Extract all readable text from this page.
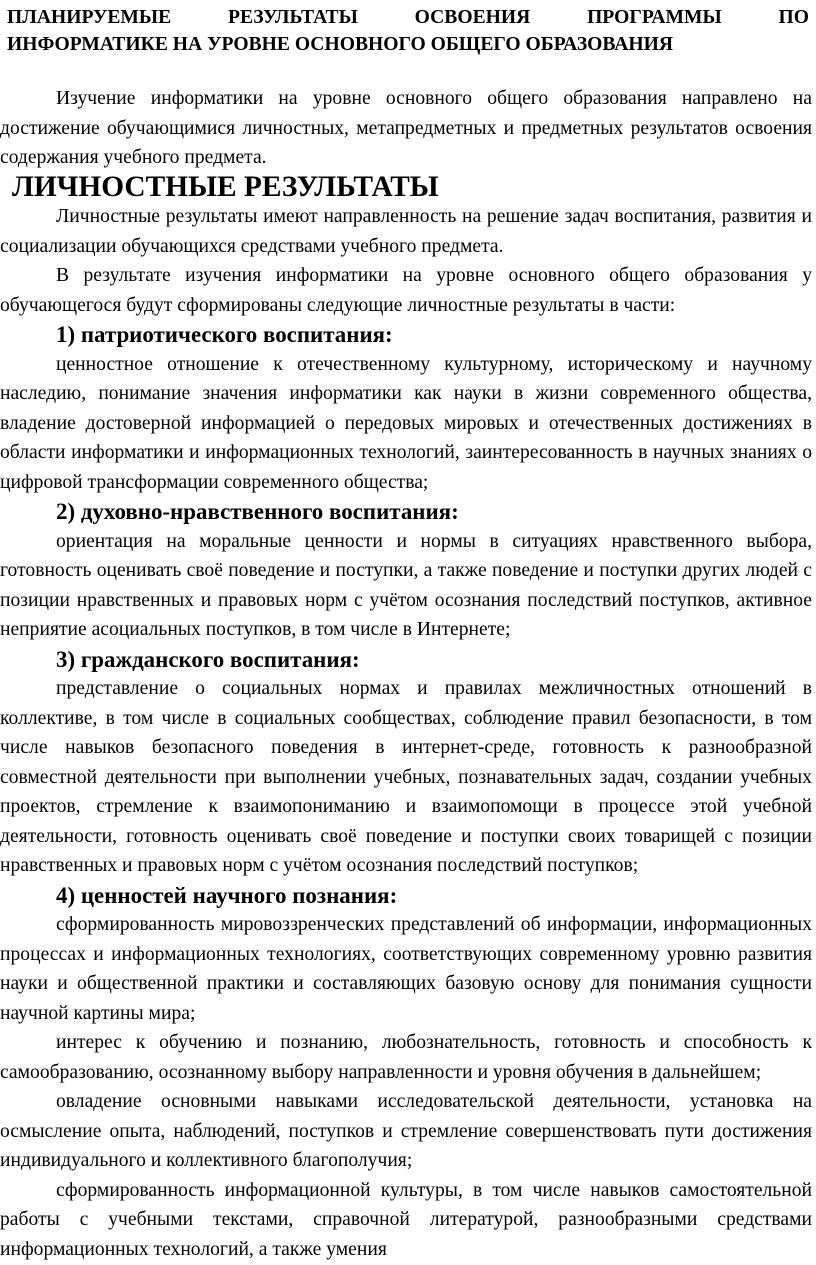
ПЛАНИРУЕМЫЕ РЕЗУЛЬТАТЫ ОСВОЕНИЯ ПРОГРАММЫ ПО
ИНФОРМАТИКЕ НА УРОВНЕ ОСНОВНОГО ОБЩЕГО ОБРАЗОВАНИЯ

Изучение информатики на уровне основного общего образования направлено на достижение обучающимися личностных, метапредметных и предметных результатов освоения содержания учебного предмета.

ЛИЧНОСТНЫЕ РЕЗУЛЬТАТЫ

Личностные результаты имеют направленность на решение задач воспитания, развития и социализации обучающихся средствами учебного предмета.

В результате изучения информатики на уровне основного общего образования у обучающегося будут сформированы следующие личностные результаты в части:

1) патриотического воспитания:

ценностное отношение к отечественному культурному, историческому и научному наследию, понимание значения информатики как науки в жизни современного общества, владение достоверной информацией о передовых мировых и отечественных достижениях в области информатики и информационных технологий, заинтересованность в научных знаниях о цифровой трансформации современного общества;

2) духовно-нравственного воспитания:

ориентация на моральные ценности и нормы в ситуациях нравственного выбора, готовность оценивать своё поведение и поступки, а также поведение и поступки других людей с позиции нравственных и правовых норм с учётом осознания последствий поступков, активное неприятие асоциальных поступков, в том числе в Интернете;

3) гражданского воспитания:

представление о социальных нормах и правилах межличностных отношений в коллективе, в том числе в социальных сообществах, соблюдение правил безопасности, в том числе навыков безопасного поведения в интернет-среде, готовность к разнообразной совместной деятельности при выполнении учебных, познавательных задач, создании учебных проектов, стремление к взаимопониманию и взаимопомощи в процессе этой учебной деятельности, готовность оценивать своё поведение и поступки своих товарищей с позиции нравственных и правовых норм с учётом осознания последствий поступков;

4) ценностей научного познания:

сформированность мировоззренческих представлений об информации, информационных процессах и информационных технологиях, соответствующих современному уровню развития науки и общественной практики и составляющих базовую основу для понимания сущности научной картины мира;

интерес к обучению и познанию, любознательность, готовность и способность к самообразованию, осознанному выбору направленности и уровня обучения в дальнейшем;

овладение основными навыками исследовательской деятельности, установка на осмысление опыта, наблюдений, поступков и стремление совершенствовать пути достижения индивидуального и коллективного благополучия;

сформированность информационной культуры, в том числе навыков самостоятельной работы с учебными текстами, справочной литературой, разнообразными средствами информационных технологий, а также умения
